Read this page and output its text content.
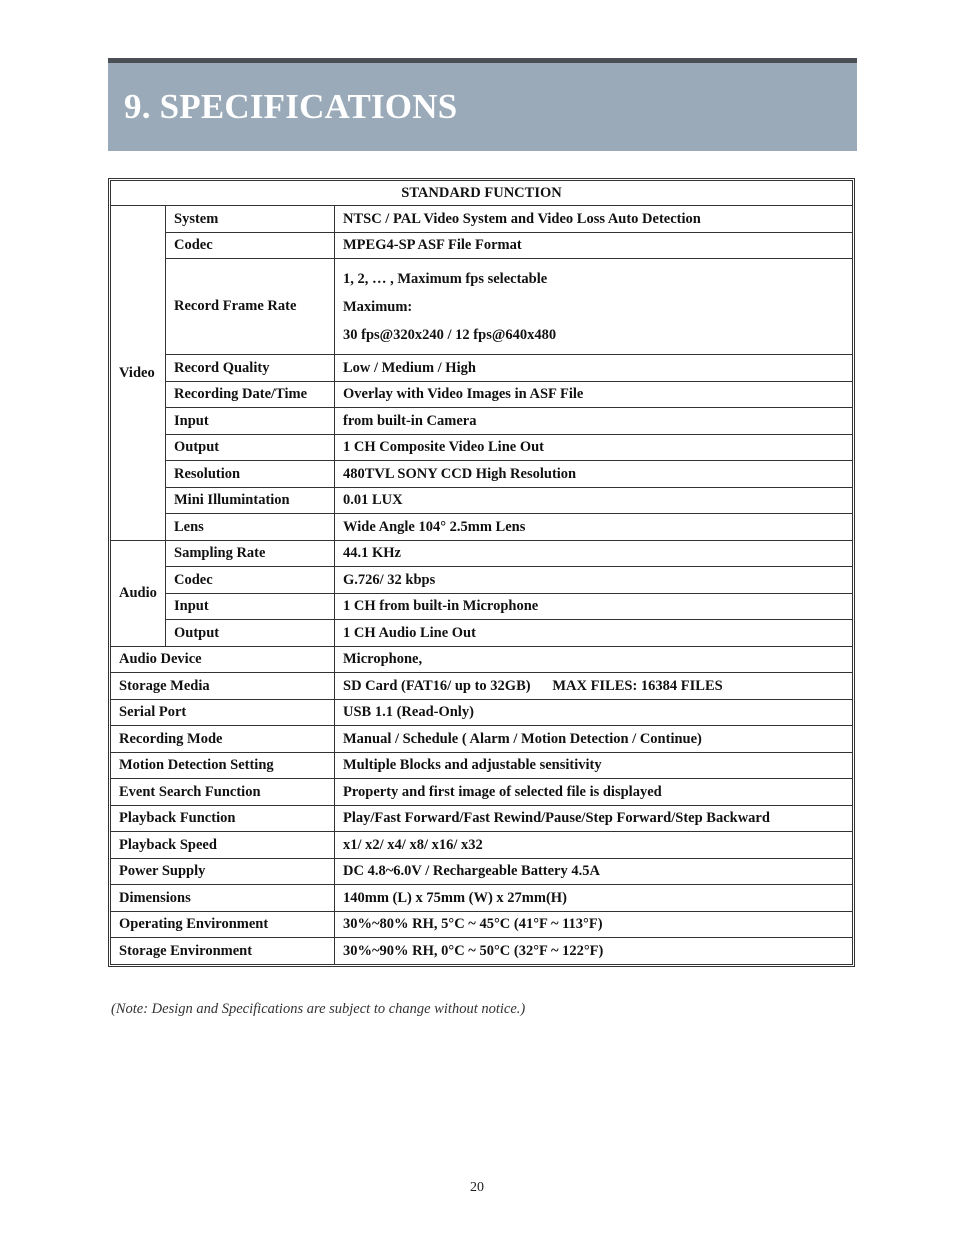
9. SPECIFICATIONS
STANDARD FUNCTION		
Video	System	NTSC / PAL Video System and Video Loss Auto Detection
	Codec	MPEG4-SP ASF File Format
	Record Frame Rate	1, 2, … , Maximum fps selectable
Maximum:
30 fps@320x240 / 12 fps@640x480

	Record Quality	Low / Medium / High
	Recording Date/Time	Overlay with Video Images in ASF File
	Input	from built-in Camera
	Output	1 CH Composite Video Line Out
	Resolution	480TVL SONY CCD High Resolution
	Mini Illumintation	0.01 LUX
	Lens	Wide Angle 104° 2.5mm Lens
Audio	Sampling Rate	44.1 KHz
	Codec	G.726/ 32 kbps
	Input	1 CH from built-in Microphone
	Output	1 CH Audio Line Out
Audio Device		Microphone,
Storage Media		SD Card (FAT16/ up to 32GB)      MAX FILES: 16384 FILES
Serial Port		USB 1.1 (Read-Only)
Recording Mode		Manual / Schedule ( Alarm / Motion Detection / Continue)
Motion Detection Setting		Multiple Blocks and adjustable sensitivity
Event Search Function		Property and first image of selected file is displayed
Playback Function		Play/Fast Forward/Fast Rewind/Pause/Step Forward/Step Backward
Playback Speed		x1/ x2/ x4/ x8/ x16/ x32
Power Supply		DC 4.8~6.0V / Rechargeable Battery 4.5A
Dimensions		140mm (L) x 75mm (W) x 27mm(H)
Operating Environment		30%~80% RH, 5°C ~ 45°C (41°F ~ 113°F)
Storage Environment		30%~90% RH, 0°C ~ 50°C (32°F ~ 122°F)
(Note: Design and Specifications are subject to change without notice.)
20
